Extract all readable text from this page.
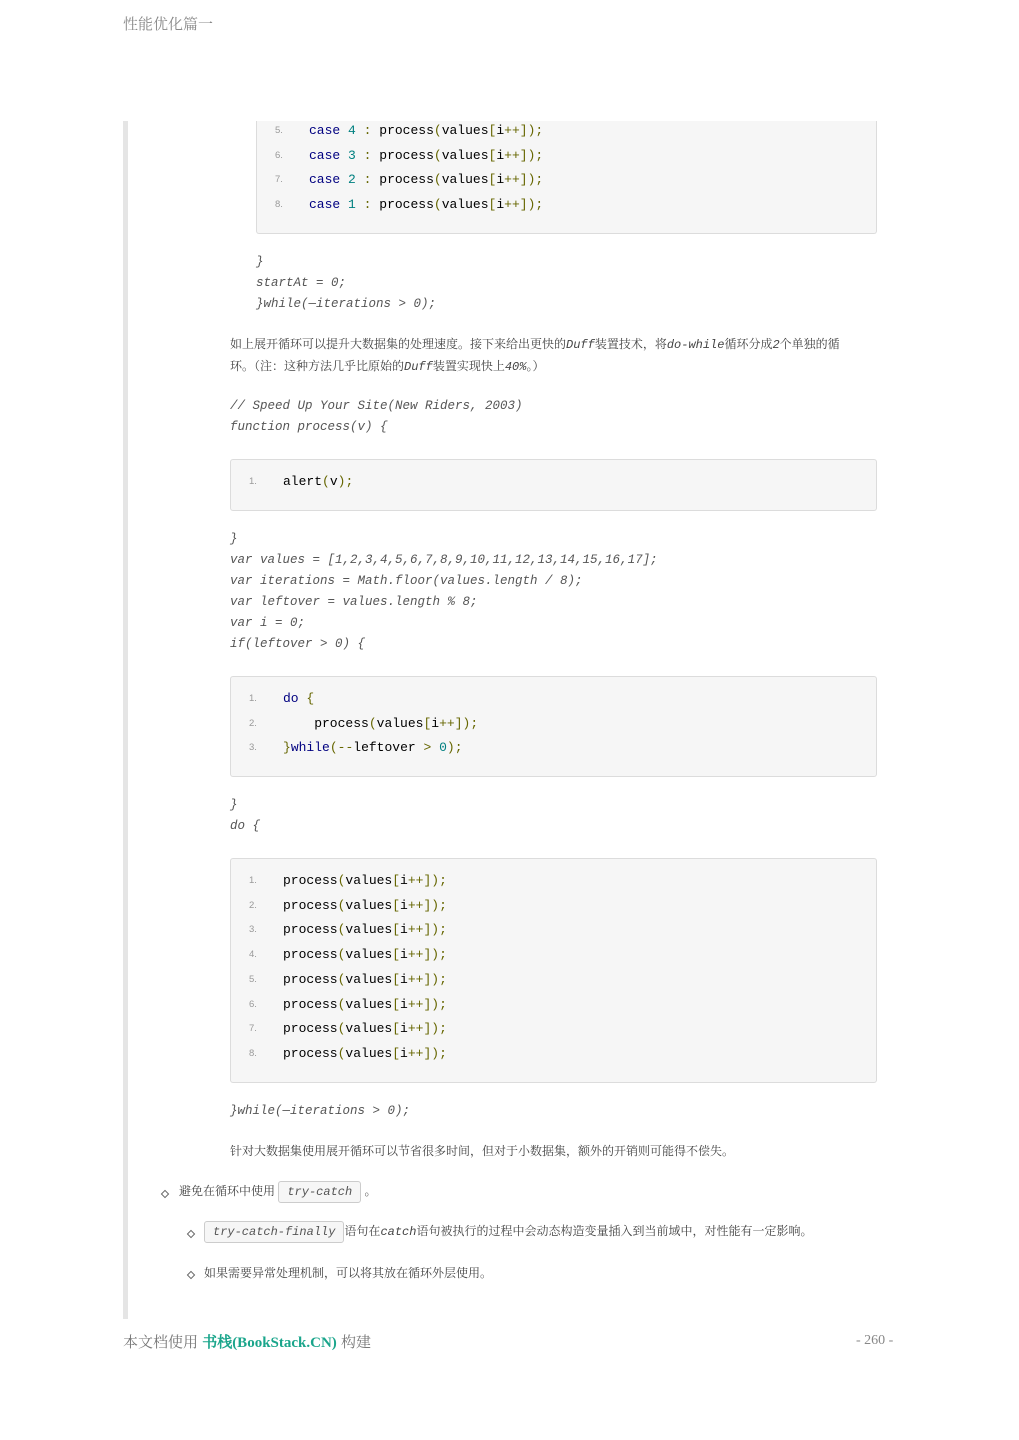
性能优化篇一
5. case 4 : process(values[i++]);
6. case 3 : process(values[i++]);
7. case 2 : process(values[i++]);
8. case 1 : process(values[i++]);
}
startAt = 0;
}while(—iterations > 0);
如上展开循环可以提升大数据集的处理速度。接下来给出更快的Duff装置技术，将do-while循环分成2个单独的循
环。（注：这种方法几乎比原始的Duff装置实现快上40%。）
// Speed Up Your Site(New Riders, 2003)
function process(v) {
1. alert(v);
}
var values = [1,2,3,4,5,6,7,8,9,10,11,12,13,14,15,16,17];
var iterations = Math.floor(values.length / 8);
var leftover = values.length % 8;
var i = 0;
if(leftover > 0) {
1. do {
2. process(values[i++]);
3. }while(--leftover > 0);
}
do {
1. process(values[i++]);
2. process(values[i++]);
3. process(values[i++]);
4. process(values[i++]);
5. process(values[i++]);
6. process(values[i++]);
7. process(values[i++]);
8. process(values[i++]);
}while(—iterations > 0);
针对大数据集使用展开循环可以节省很多时间，但对于小数据集，额外的开销则可能得不偿失。
避免在循环中使用 try-catch 。
try-catch-finally 语句在catch语句被执行的过程中会动态构造变量插入到当前域中，对性能有一定影响。
如果需要异常处理机制，可以将其放在循环外层使用。
本文档使用 书栈(BookStack.CN) 构建	- 260 -
